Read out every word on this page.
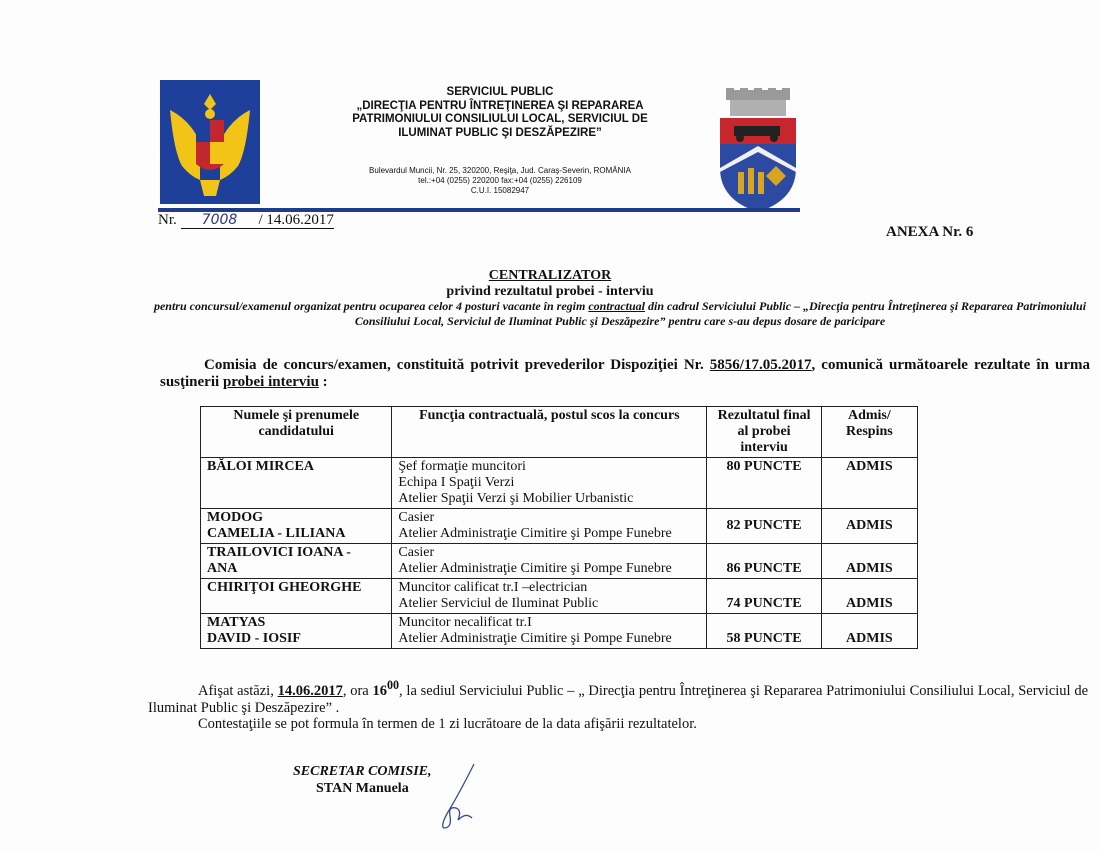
SERVICIUL PUBLIC
„DIRECŢIA PENTRU ÎNTREŢINEREA ŞI REPARAREA
PATRIMONIULUI CONSILIULUI LOCAL, SERVICIUL DE
ILUMINAT PUBLIC ŞI DESZĂPEZIRE”
Bulevardul Muncii, Nr. 25, 320200, Reşiţa, Jud. Caraş-Severin, ROMÂNIA
tel.:+04 (0255) 220200 fax:+04 (0255) 226109
C.U.I. 15082947
Nr. 7008 / 14.06.2017
ANEXA Nr. 6
CENTRALIZATOR
privind rezultatul probei - interviu
pentru concursul/examenul organizat pentru ocuparea celor 4 posturi vacante în regim contractual din cadrul Serviciului Public – „Direcţia pentru Întreţinerea şi Repararea Patrimoniului Consiliului Local, Serviciul de Iluminat Public şi Deszăpezire” pentru care s-au depus dosare de paricipare
Comisia de concurs/examen, constituită potrivit prevederilor Dispoziţiei Nr. 5856/17.05.2017, comunică următoarele rezultate în urma susţinerii probei interviu :
Numele şi prenumele candidatului	Funcţia contractuală, postul scos la concurs	Rezultatul final al probei interviu	Admis/ Respins

BĂLOI MIRCEA	Şef formaţie muncitori
Echipa I Spaţii Verzi
Atelier Spaţii Verzi şi Mobilier Urbanistic	80 PUNCTE	ADMIS

MODOG
CAMELIA - LILIANA	Casier
Atelier Administraţie Cimitire şi Pompe Funebre	82 PUNCTE	ADMIS

TRAILOVICI IOANA -
ANA	Casier
Atelier Administraţie Cimitire şi Pompe Funebre	86 PUNCTE	ADMIS

CHIRIŢOI GHEORGHE	Muncitor calificat tr.I –electrician
Atelier Serviciul de Iluminat Public	74 PUNCTE	ADMIS

MATYAS
DAVID - IOSIF	Muncitor necalificat tr.I
Atelier Administraţie Cimitire şi Pompe Funebre	58 PUNCTE	ADMIS
Afişat astăzi, 14.06.2017, ora $16^{00}$, la sediul Serviciului Public – „ Direcţia pentru Întreţinerea şi Repararea Patrimoniului Consiliului Local, Serviciul de Iluminat Public şi Deszăpezire” .
Contestaţiile se pot formula în termen de 1 zi lucrătoare de la data afişării rezultatelor.
SECRETAR COMISIE,
STAN Manuela
